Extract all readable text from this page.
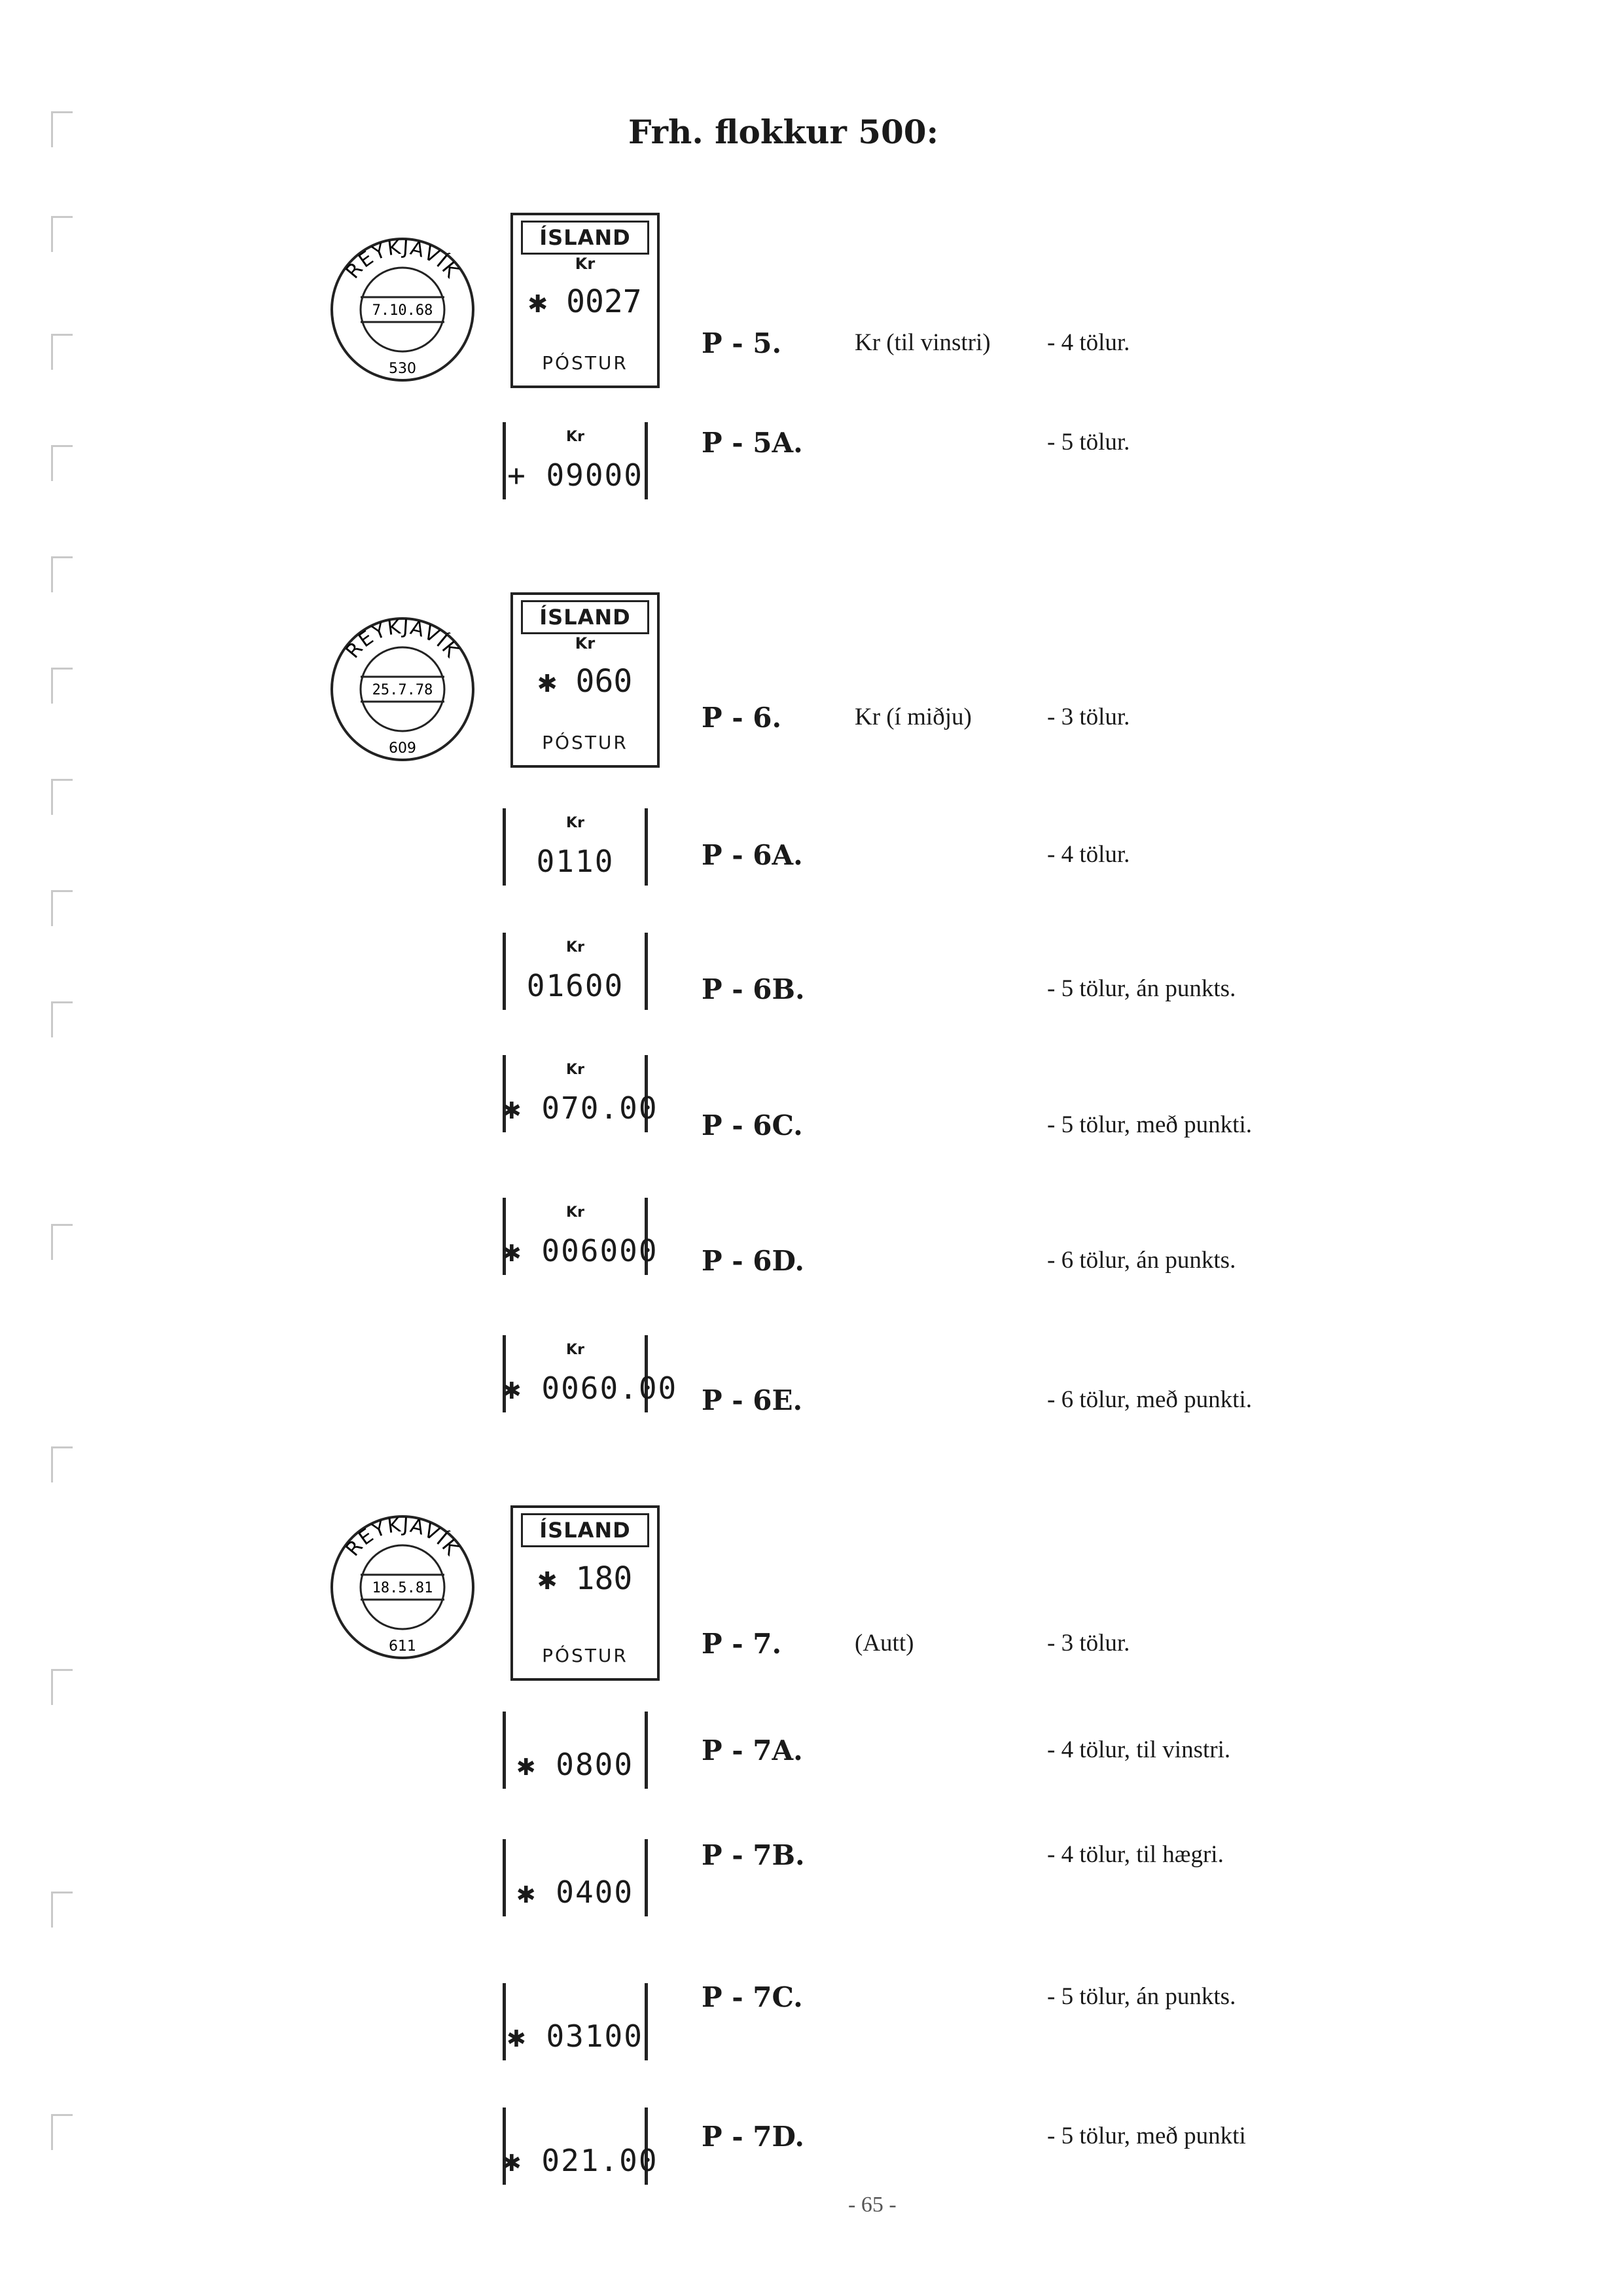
Frh. flokkur 500:
REYKJAVÍK
7.10.68
530
REYKJAVÍK
25.7.78
609
REYKJAVÍK
18.5.81
611
ÍSLAND
Kr
✱ 0027
PÓSTUR
Kr
+ 09000
ÍSLAND
Kr
✱ 060
PÓSTUR
Kr
0110
Kr
01600
Kr
✱ 070.00
Kr
✱ 006000
Kr
✱ 0060.00
ÍSLAND
✱ 180
PÓSTUR
✱ 0800
✱ 0400
✱ 03100
✱ 021.00
P - 5.	Kr (til vinstri) - 4 tölur.
P - 5A.	- 5 tölur.
P - 6.	Kr (í miðju)	- 3 tölur.
P - 6A.	- 4 tölur.
P - 6B.	- 5 tölur, án punkts.
P - 6C.	- 5 tölur, með punkti.
P - 6D.	- 6 tölur, án punkts.
P - 6E.	- 6 tölur, með punkti.
P - 7.	(Autt)	- 3 tölur.
P - 7A.	- 4 tölur, til vinstri.
P - 7B.	- 4 tölur, til hægri.
P - 7C.	- 5 tölur, án punkts.
P - 7D.	- 5 tölur, með punkti
- 65 -
